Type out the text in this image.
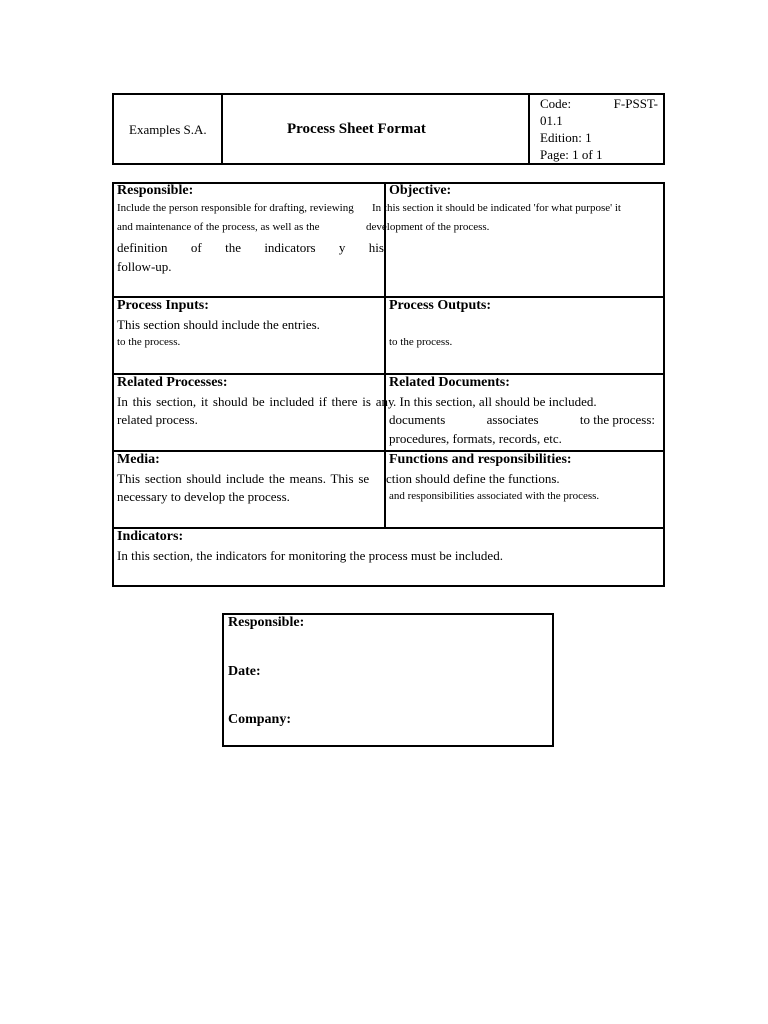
Examples S.A.	Process Sheet Format
Code:	F-PSST-
01.1
Edition: 1
Page: 1 of 1
Responsible:
Include the person responsible for drafting, reviewing
and maintenance of the process, as well as the
definition of the indicators y his
follow-up.
Objective:
In this section it should be indicated 'for what purpose' it
development of the process.
Process Inputs:
This section should include the entries.
to the process.
Process Outputs:
to the process.
Related Processes:
In this section, it should be included if there is any
related process.
Related Documents:
. In this section, all should be included.
documents	associates	to the process:
procedures, formats, records, etc.
Media:
This section should include the means. This se
necessary to develop the process.
Functions and responsibilities:
ction should define the functions.
and responsibilities associated with the process.
Indicators:
In this section, the indicators for monitoring the process must be included.
Responsible:
Date:
Company:
